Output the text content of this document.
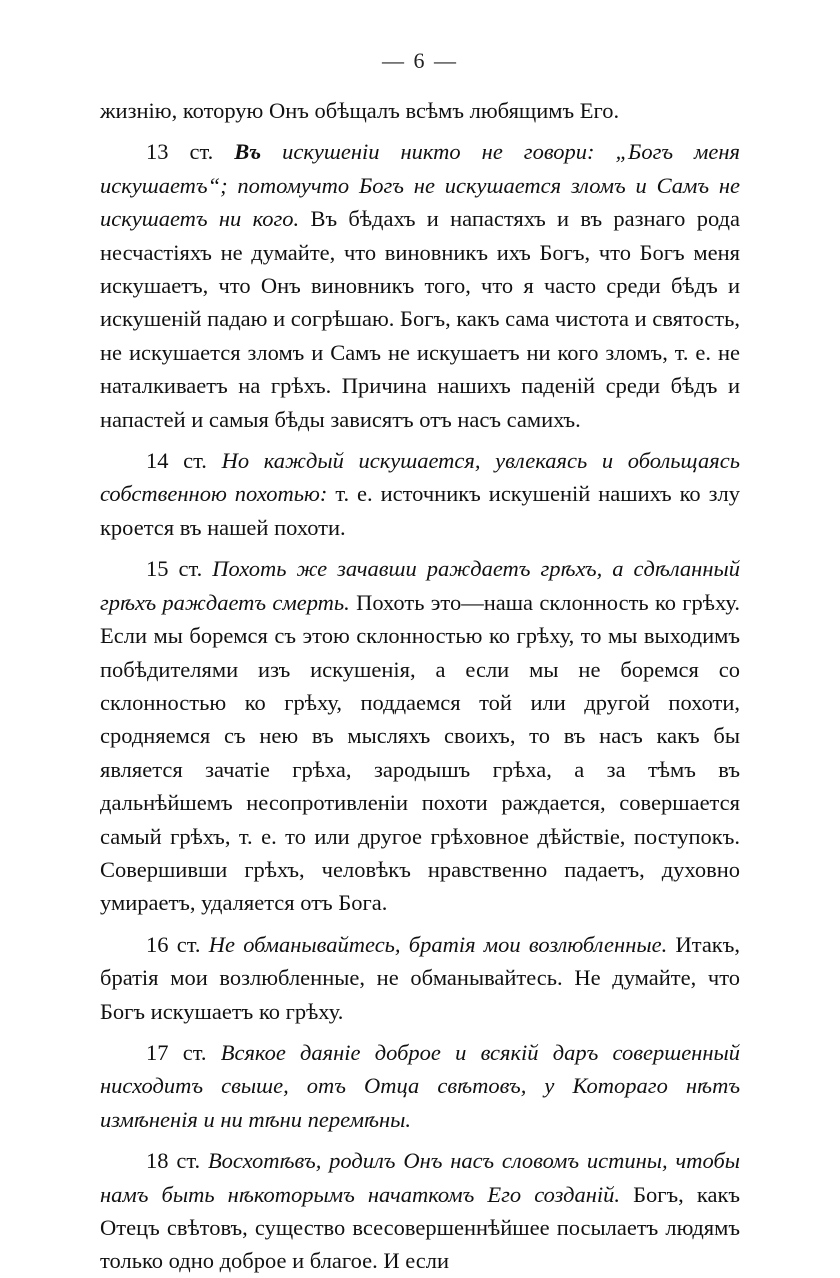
— 6 —

жизнію, которую Онъ обѣщалъ всѣмъ любящимъ Его.

13 ст. Въ искушеніи никто не говори: „Богъ меня искушаетъ“; потомучто Богъ не искушается зломъ и Самъ не искушаетъ ни кого. Въ бѣдахъ и напастяхъ и въ разнаго рода несчастіяхъ не думайте, что виновникъ ихъ Богъ, что Богъ меня искушаетъ, что Онъ виновникъ того, что я часто среди бѣдъ и искушеній падаю и согрѣшаю. Богъ, какъ сама чистота и святость, не искушается зломъ и Самъ не искушаетъ ни кого зломъ, т. е. не наталкиваетъ на грѣхъ. Причина нашихъ паденій среди бѣдъ и напастей и самыя бѣды зависятъ отъ насъ самихъ.

14 ст. Но каждый искушается, увлекаясь и обольщаясь собственною похотью: т. е. источникъ искушеній нашихъ ко злу кроется въ нашей похоти.

15 ст. Похоть же зачавши раждаетъ грѣхъ, а сдѣланный грѣхъ раждаетъ смерть. Похоть это—наша склонность ко грѣху. Если мы боремся съ этою склонностью ко грѣху, то мы выходимъ побѣдителями изъ искушенія, а если мы не боремся со склонностью ко грѣху, поддаемся той или другой похоти, сродняемся съ нею въ мысляхъ своихъ, то въ насъ какъ бы является зачатіе грѣха, зародышъ грѣха, а за тѣмъ въ дальнѣйшемъ несопротивленіи похоти раждается, совершается самый грѣхъ, т. е. то или другое грѣховное дѣйствіе, поступокъ. Совершивши грѣхъ, человѣкъ нравственно падаетъ, духовно умираетъ, удаляется отъ Бога.

16 ст. Не обманывайтесь, братія мои возлюбленные. Итакъ, братія мои возлюбленные, не обманывайтесь. Не думайте, что Богъ искушаетъ ко грѣху.

17 ст. Всякое даяніе доброе и всякій даръ совершенный нисходитъ свыше, отъ Отца свѣтовъ, у Котораго нѣтъ измѣненія и ни тѣни перемѣны.

18 ст. Восхотѣвъ, родилъ Онъ насъ словомъ истины, чтобы намъ быть нѣкоторымъ начаткомъ Его созданій. Богъ, какъ Отецъ свѣтовъ, существо всесовершеннѣйшее посылаетъ людямъ только одно доброе и благое. И если
